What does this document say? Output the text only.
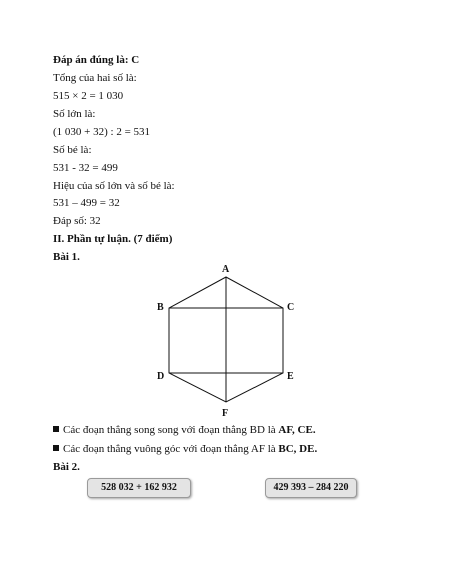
Đáp án đúng là: C
Tổng của hai số là:
515 × 2 = 1 030
Số lớn là:
(1 030 + 32) : 2 = 531
Số bé là:
531 - 32 = 499
Hiệu của số lớn và số bé là:
531 – 499 = 32
Đáp số: 32
II. Phần tự luận. (7 điểm)
Bài 1.
A
B	C
D	E
F
Các đoạn thẳng song song với đoạn thẳng BD là AF, CE.
Các đoạn thẳng vuông góc với đoạn thẳng AF là BC, DE.
Bài 2.
528 032 + 162 932	429 393 – 284 220
